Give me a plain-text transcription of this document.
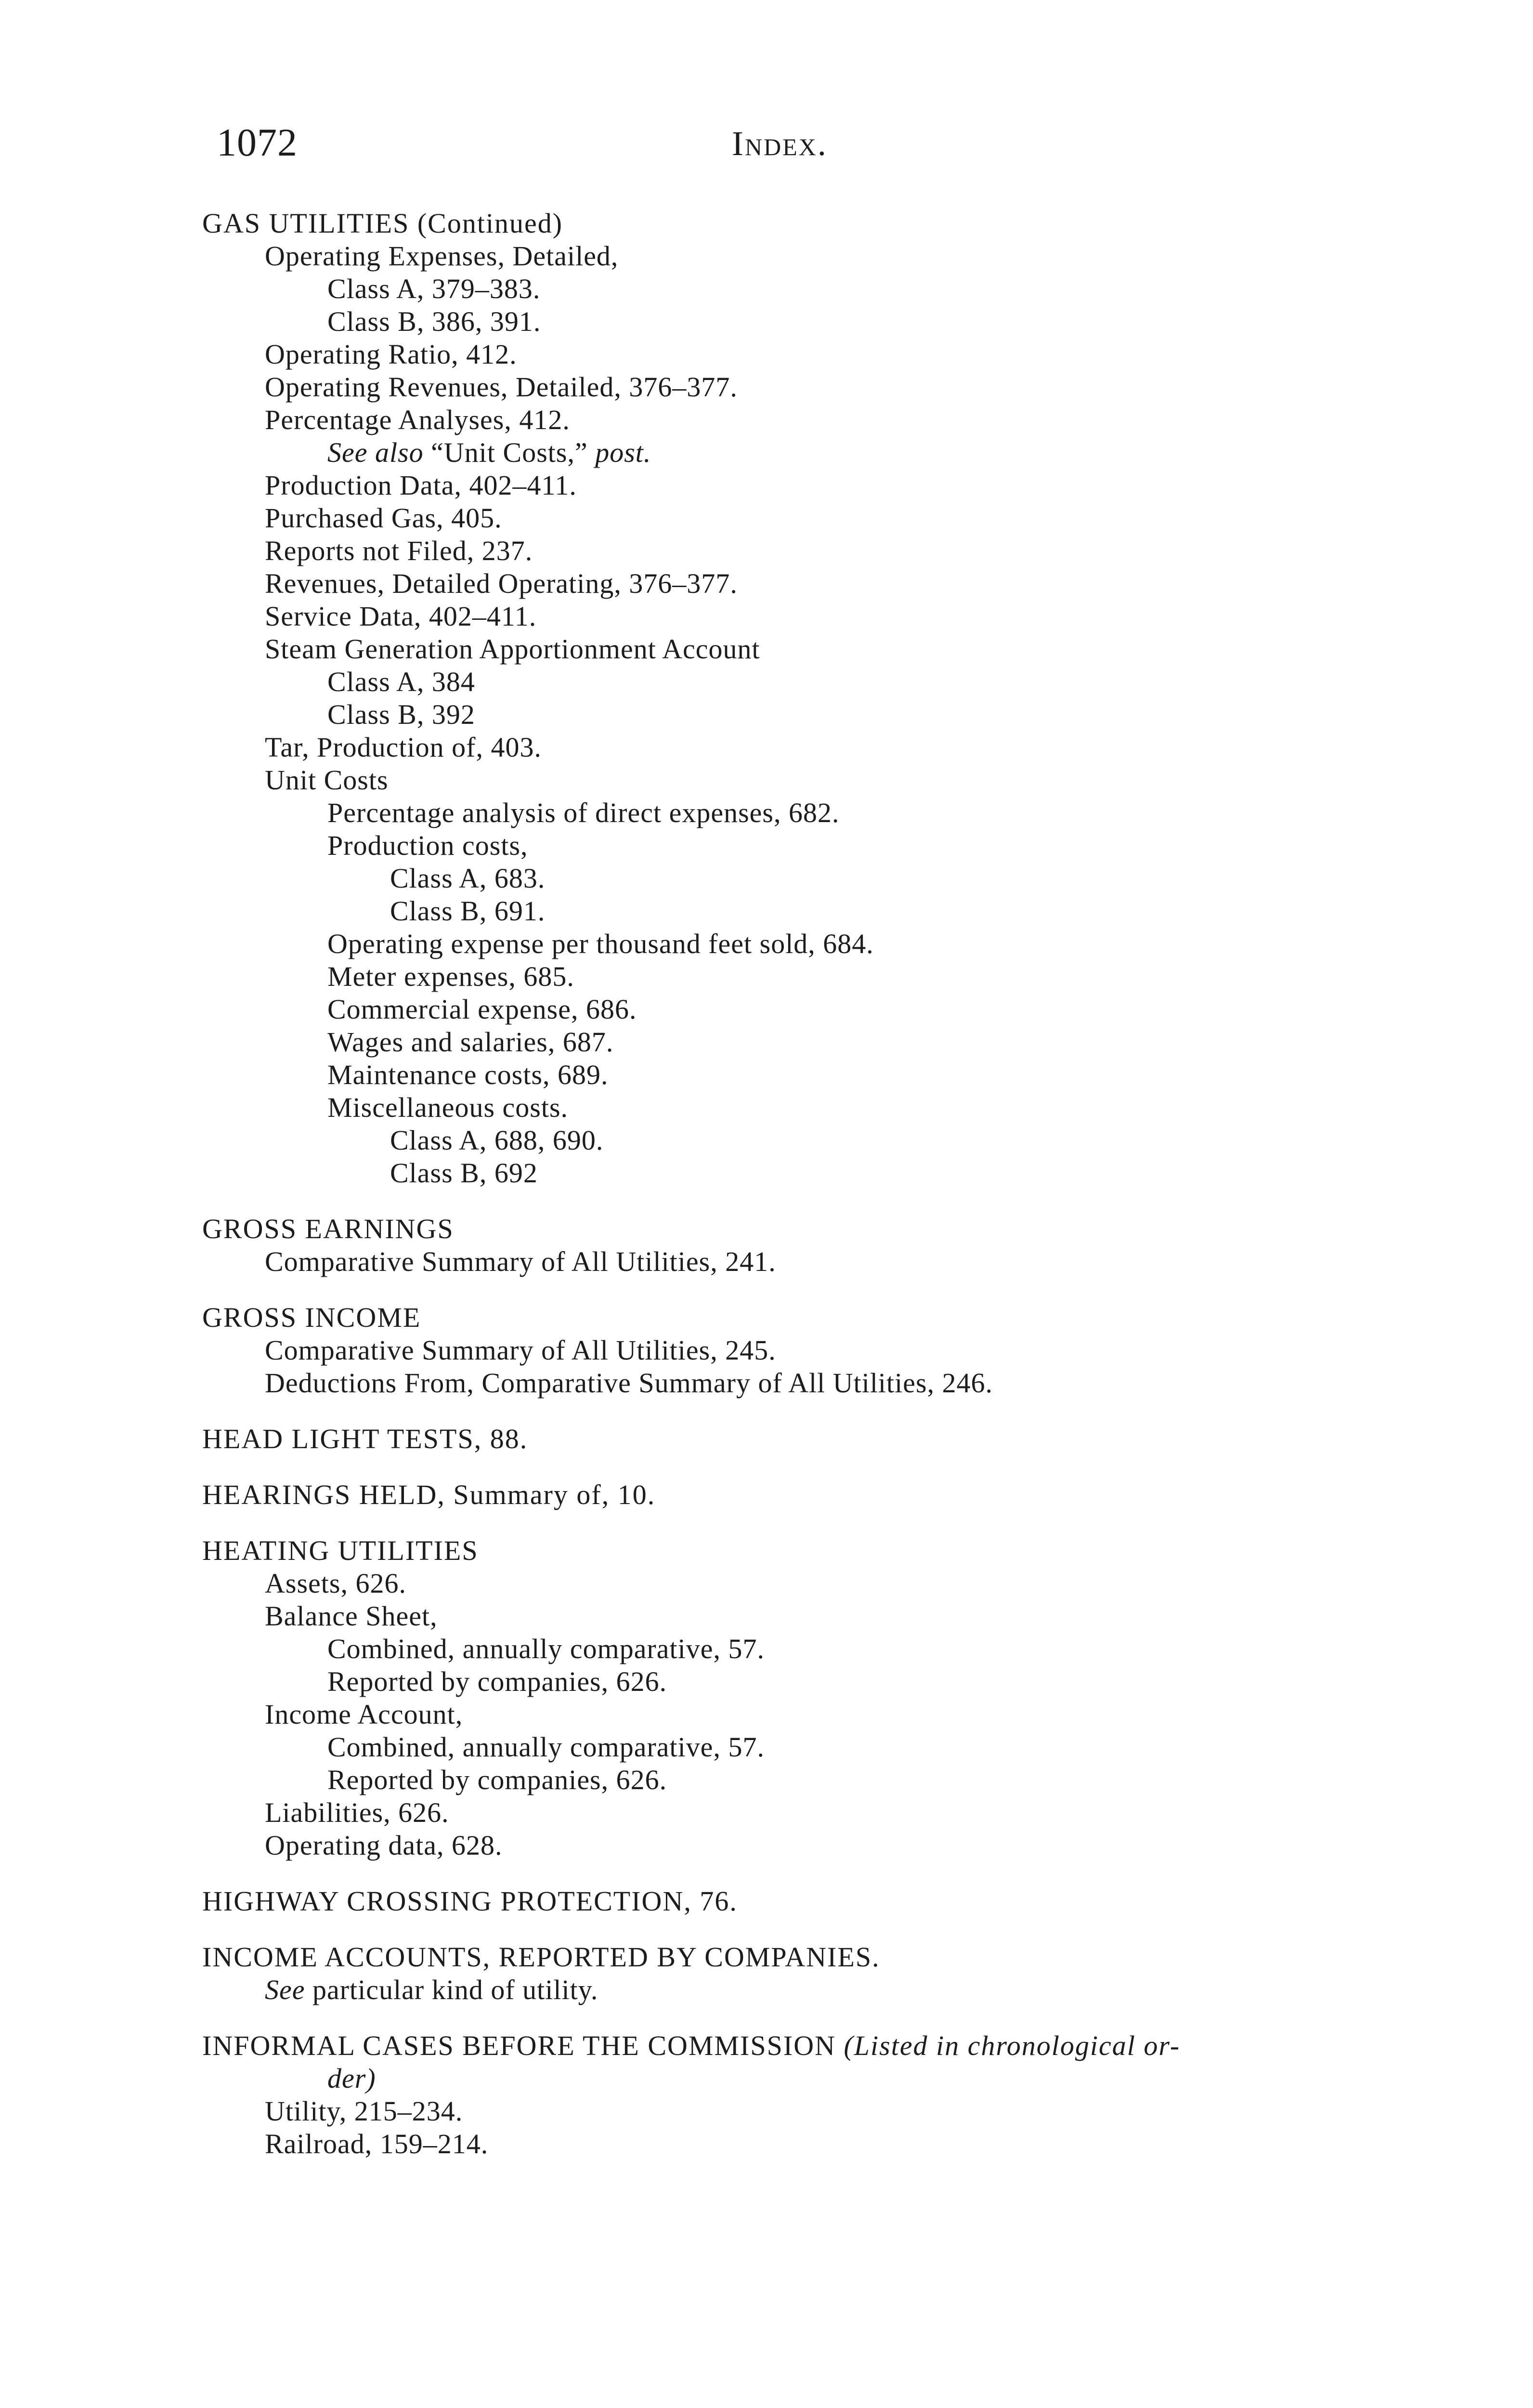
1072	Index.
GAS UTILITIES (Continued)
Operating Expenses, Detailed,
Class A, 379–383.
Class B, 386, 391.
Operating Ratio, 412.
Operating Revenues, Detailed, 376–377.
Percentage Analyses, 412.
See also “Unit Costs,” post.
Production Data, 402–411.
Purchased Gas, 405.
Reports not Filed, 237.
Revenues, Detailed Operating, 376–377.
Service Data, 402–411.
Steam Generation Apportionment Account
Class A, 384
Class B, 392
Tar, Production of, 403.
Unit Costs
Percentage analysis of direct expenses, 682.
Production costs,
Class A, 683.
Class B, 691.
Operating expense per thousand feet sold, 684.
Meter expenses, 685.
Commercial expense, 686.
Wages and salaries, 687.
Maintenance costs, 689.
Miscellaneous costs.
Class A, 688, 690.
Class B, 692
GROSS EARNINGS
Comparative Summary of All Utilities, 241.
GROSS INCOME
Comparative Summary of All Utilities, 245.
Deductions From, Comparative Summary of All Utilities, 246.
HEAD LIGHT TESTS, 88.
HEARINGS HELD, Summary of, 10.
HEATING UTILITIES
Assets, 626.
Balance Sheet,
Combined, annually comparative, 57.
Reported by companies, 626.
Income Account,
Combined, annually comparative, 57.
Reported by companies, 626.
Liabilities, 626.
Operating data, 628.
HIGHWAY CROSSING PROTECTION, 76.
INCOME ACCOUNTS, REPORTED BY COMPANIES.
See particular kind of utility.
INFORMAL CASES BEFORE THE COMMISSION (Listed in chronological or-
der)
Utility, 215–234.
Railroad, 159–214.
